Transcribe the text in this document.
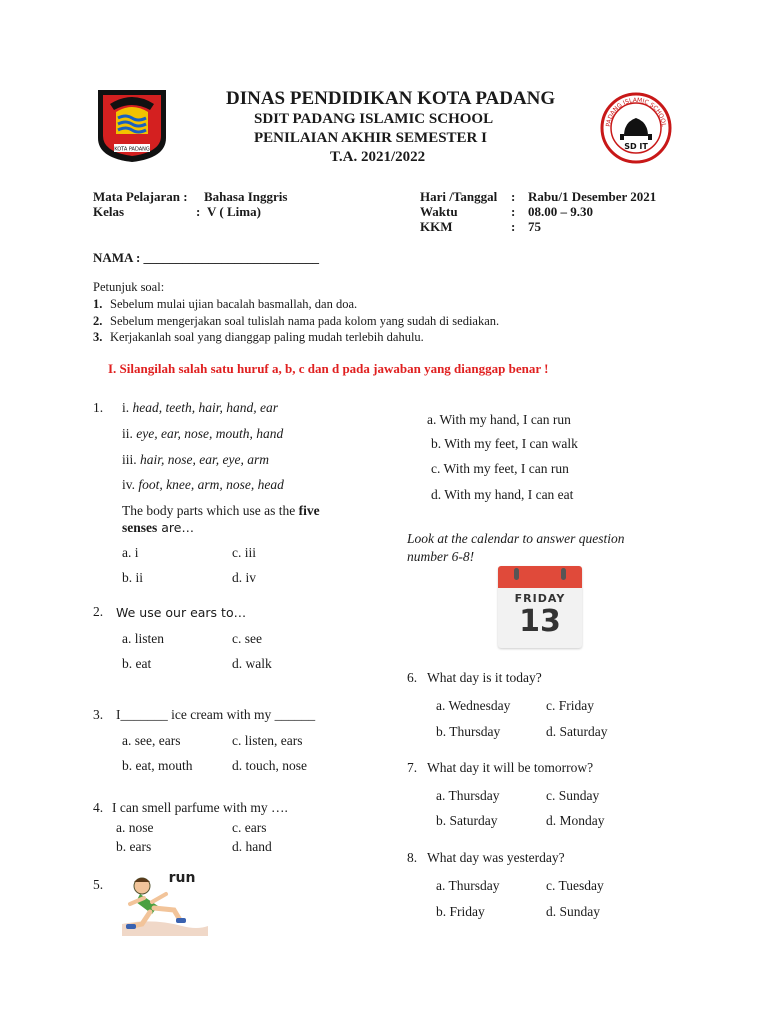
KOTA PADANG
PADANG ISLAMIC SCHOOL
SD IT
DINAS PENDIDIKAN KOTA PADANG
SDIT PADANG ISLAMIC SCHOOL
PENILAIAN AKHIR SEMESTER I
T.A. 2021/2022
Mata Pelajaran : Bahasa Inggris
Kelas	: V ( Lima)
Hari /Tanggal : Rabu/1 Desember 2021
Waktu	: 08.00 – 9.30
KKM	: 75
NAMA : ___________________________
Petunjuk soal:
1. Sebelum mulai ujian bacalah basmallah, dan doa.
2. Sebelum mengerjakan soal tulislah nama pada kolom yang sudah di sediakan.
3. Kerjakanlah soal yang dianggap paling mudah terlebih dahulu.
I. Silangilah salah satu huruf a, b, c dan d pada jawaban yang dianggap benar !
1. i. head, teeth, hair, hand, ear
ii. eye, ear, nose, mouth, hand
iii. hair, nose, ear, eye, arm
iv. foot, knee, arm, nose, head
The body parts which use as the five
senses are…
a. i	c. iii
b. ii	d. iv
2. We use our ears to…
a. listen	c. see
b. eat	d. walk
3. I_______ ice cream with my ______
a. see, ears	c. listen, ears
b. eat, mouth	d. touch, nose
4. I can smell parfume with my ….
a. nose	c. ears
b. ears	d. hand
5.	run
a. With my hand, I can run
b. With my feet, I can walk
c. With my feet, I can run
d. With my hand, I can eat
Look at the calendar to answer question
number 6-8!
FRIDAY
13
6. What day is it today?
a. Wednesday	c. Friday
b. Thursday	d. Saturday
7. What day it will be tomorrow?
a. Thursday	c. Sunday
b. Saturday	d. Monday
8. What day was yesterday?
a. Thursday	c. Tuesday
b. Friday	d. Sunday
